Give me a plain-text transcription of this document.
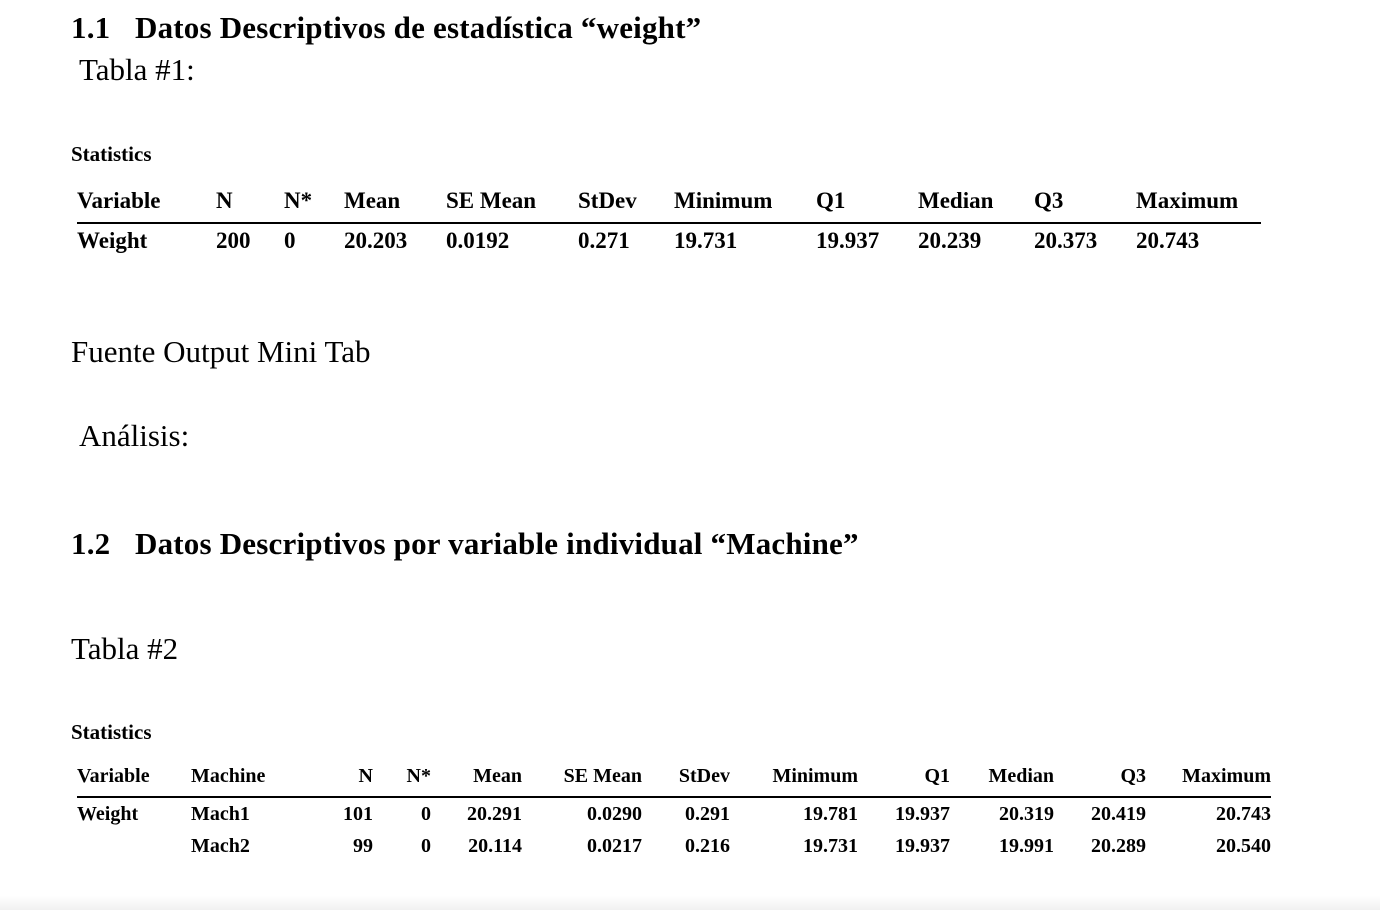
1.1 Datos Descriptivos de estadística “weight”
Tabla #1:
Statistics
Variable	N	N*	Mean	SE Mean	StDev	Minimum	Q1	Median	Q3	Maximum
Weight	200	0	20.203	0.0192	0.271	19.731	19.937	20.239	20.373	20.743
Fuente Output Mini Tab
Análisis:
1.2 Datos Descriptivos por variable individual “Machine”
Tabla #2
Statistics
Variable	Machine	N	N*	Mean	SE Mean	StDev	Minimum	Q1	Median	Q3	Maximum
Weight	Mach1	101	0	20.291	0.0290	0.291	19.781	19.937	20.319	20.419	20.743
	Mach2	99	0	20.114	0.0217	0.216	19.731	19.937	19.991	20.289	20.540
